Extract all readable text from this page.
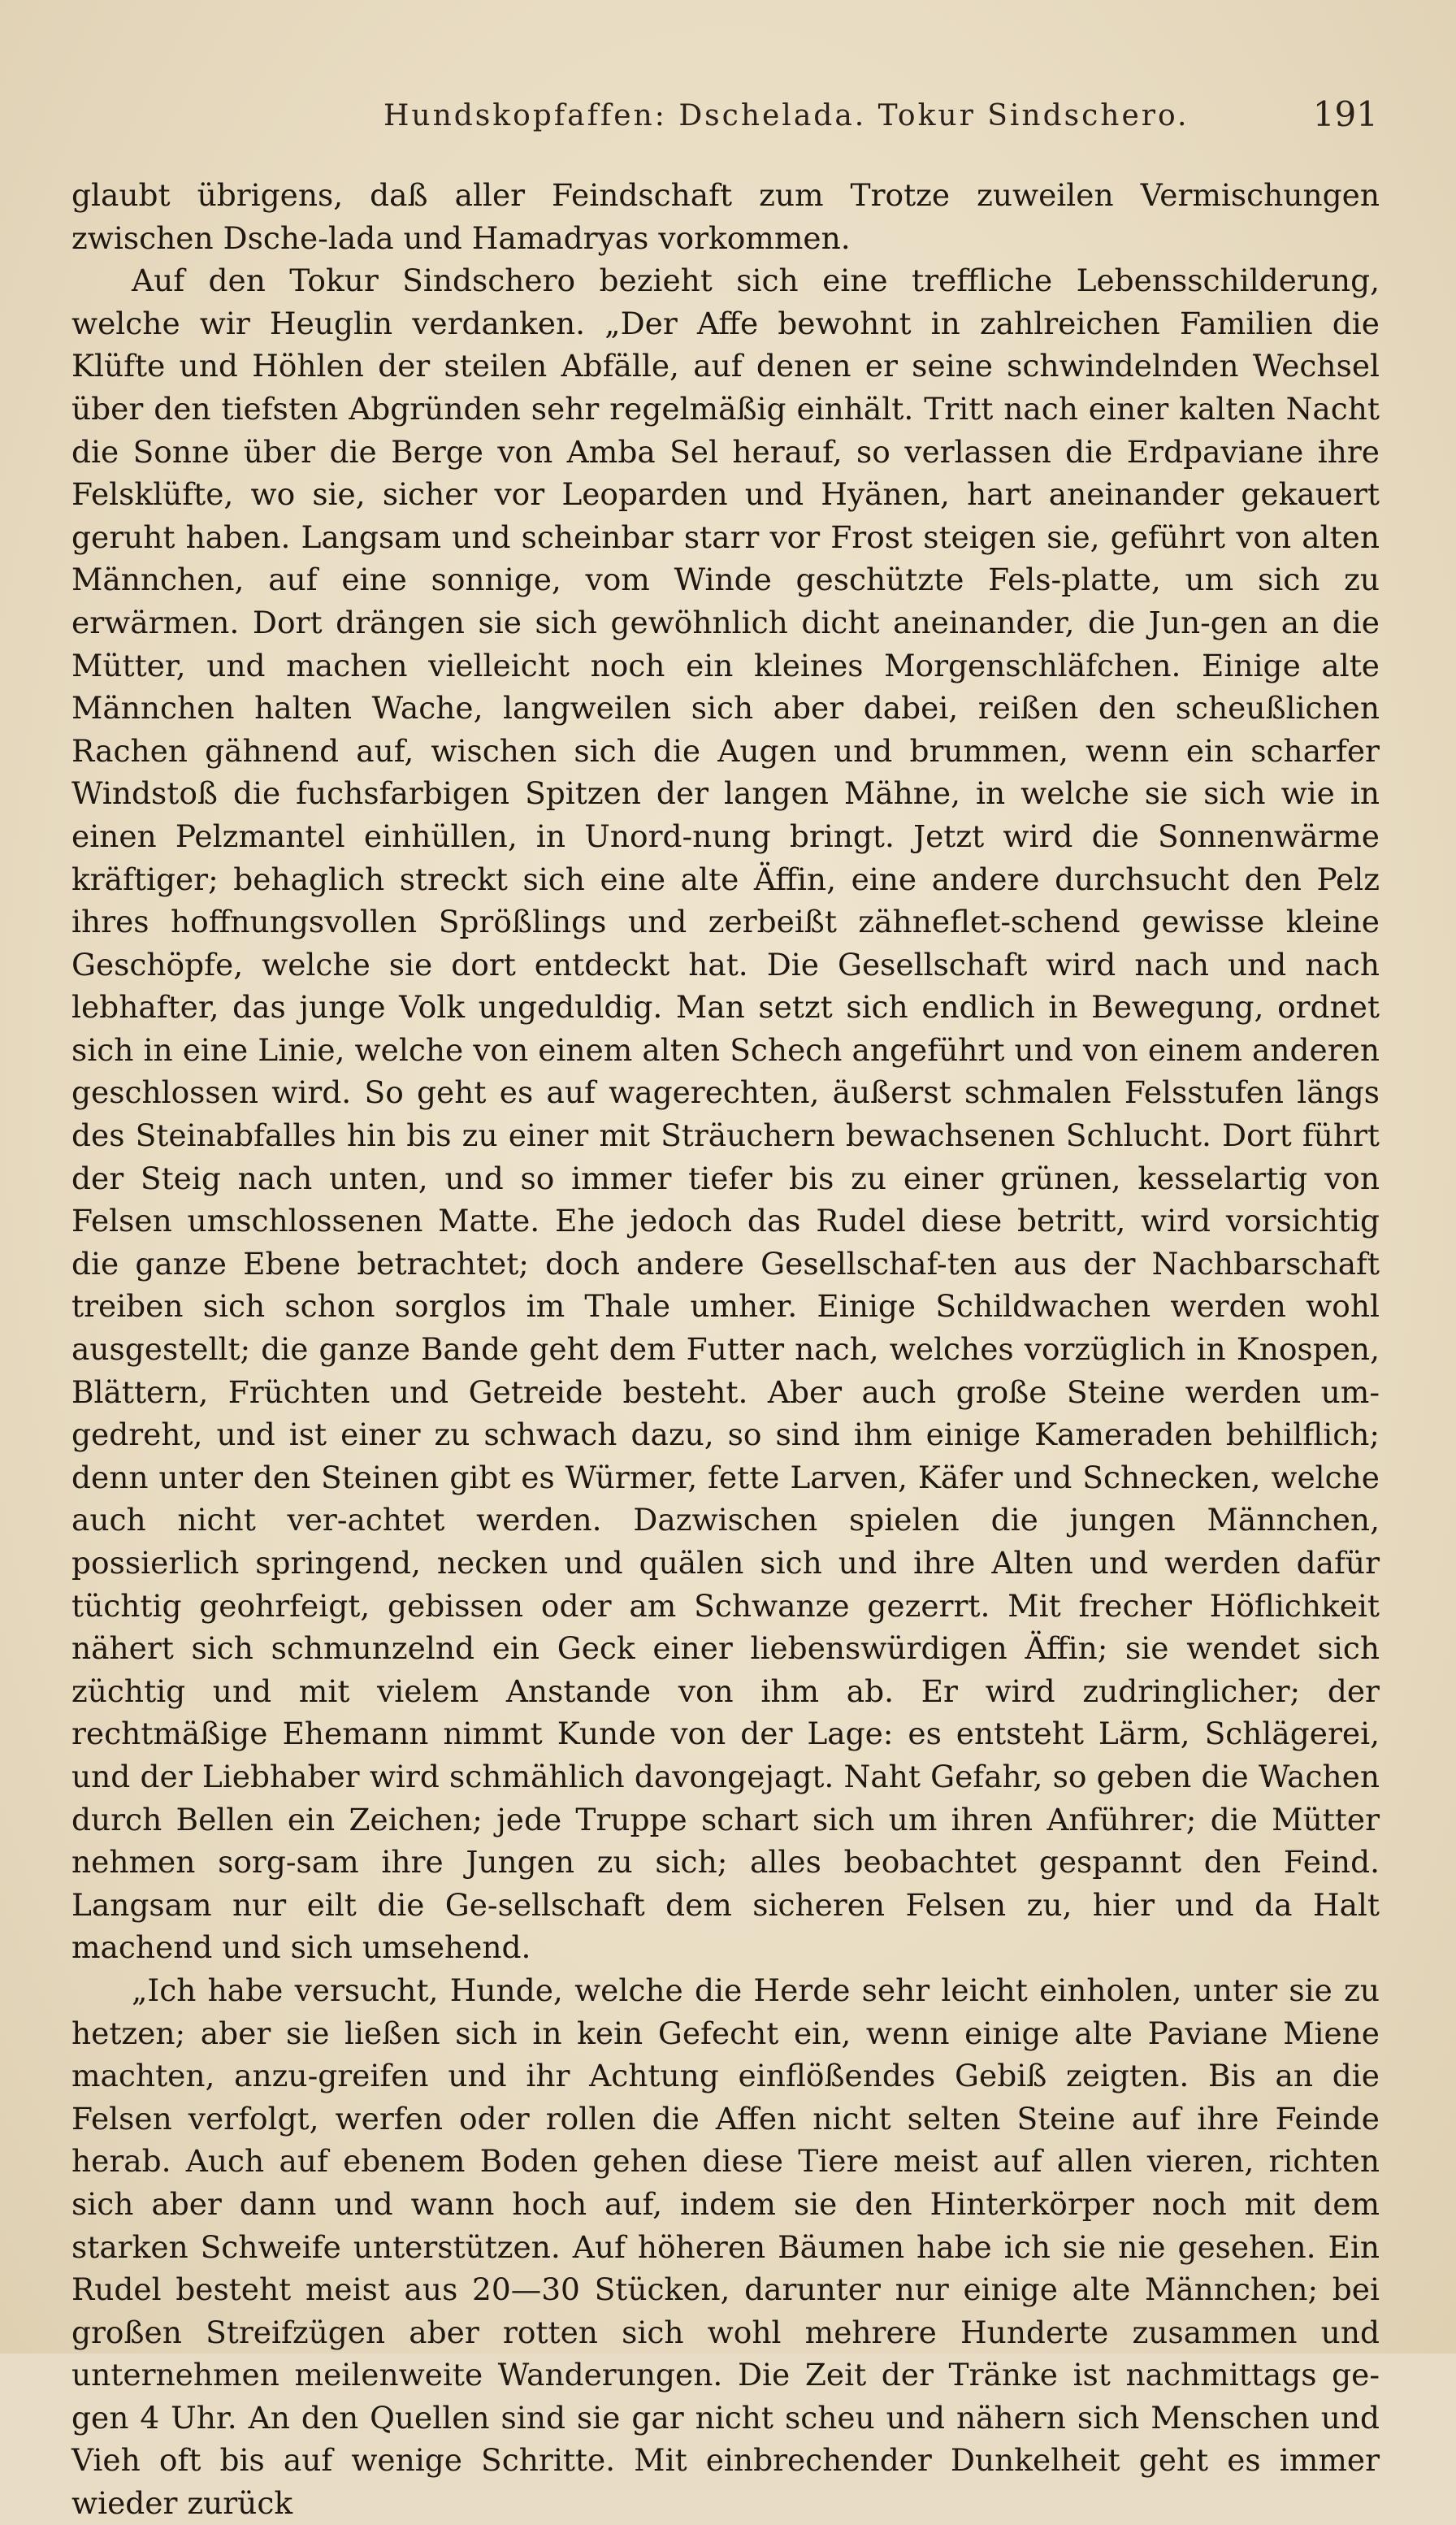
Hundskopfaffen: Dschelada. Tokur Sindschero.	191

glaubt übrigens, daß aller Feindschaft zum Trotze zuweilen Vermischungen zwischen Dsche-lada und Hamadryas vorkommen.

Auf den Tokur Sindschero bezieht sich eine treffliche Lebensschilderung, welche wir Heuglin verdanken. „Der Affe bewohnt in zahlreichen Familien die Klüfte und Höhlen der steilen Abfälle, auf denen er seine schwindelnden Wechsel über den tiefsten Abgründen sehr regelmäßig einhält. Tritt nach einer kalten Nacht die Sonne über die Berge von Amba Sel herauf, so verlassen die Erdpaviane ihre Felsklüfte, wo sie, sicher vor Leoparden und Hyänen, hart aneinander gekauert geruht haben. Langsam und scheinbar starr vor Frost steigen sie, geführt von alten Männchen, auf eine sonnige, vom Winde geschützte Fels-platte, um sich zu erwärmen. Dort drängen sie sich gewöhnlich dicht aneinander, die Jun-gen an die Mütter, und machen vielleicht noch ein kleines Morgenschläfchen. Einige alte Männchen halten Wache, langweilen sich aber dabei, reißen den scheußlichen Rachen gähnend auf, wischen sich die Augen und brummen, wenn ein scharfer Windstoß die fuchsfarbigen Spitzen der langen Mähne, in welche sie sich wie in einen Pelzmantel einhüllen, in Unord-nung bringt. Jetzt wird die Sonnenwärme kräftiger; behaglich streckt sich eine alte Äffin, eine andere durchsucht den Pelz ihres hoffnungsvollen Sprößlings und zerbeißt zähneflet-schend gewisse kleine Geschöpfe, welche sie dort entdeckt hat. Die Gesellschaft wird nach und nach lebhafter, das junge Volk ungeduldig. Man setzt sich endlich in Bewegung, ordnet sich in eine Linie, welche von einem alten Schech angeführt und von einem anderen geschlossen wird. So geht es auf wagerechten, äußerst schmalen Felsstufen längs des Steinabfalles hin bis zu einer mit Sträuchern bewachsenen Schlucht. Dort führt der Steig nach unten, und so immer tiefer bis zu einer grünen, kesselartig von Felsen umschlossenen Matte. Ehe jedoch das Rudel diese betritt, wird vorsichtig die ganze Ebene betrachtet; doch andere Gesellschaf-ten aus der Nachbarschaft treiben sich schon sorglos im Thale umher. Einige Schildwachen werden wohl ausgestellt; die ganze Bande geht dem Futter nach, welches vorzüglich in Knospen, Blättern, Früchten und Getreide besteht. Aber auch große Steine werden um-gedreht, und ist einer zu schwach dazu, so sind ihm einige Kameraden behilflich; denn unter den Steinen gibt es Würmer, fette Larven, Käfer und Schnecken, welche auch nicht ver-achtet werden. Dazwischen spielen die jungen Männchen, possierlich springend, necken und quälen sich und ihre Alten und werden dafür tüchtig geohrfeigt, gebissen oder am Schwanze gezerrt. Mit frecher Höflichkeit nähert sich schmunzelnd ein Geck einer liebenswürdigen Äffin; sie wendet sich züchtig und mit vielem Anstande von ihm ab. Er wird zudringlicher; der rechtmäßige Ehemann nimmt Kunde von der Lage: es entsteht Lärm, Schlägerei, und der Liebhaber wird schmählich davongejagt. Naht Gefahr, so geben die Wachen durch Bellen ein Zeichen; jede Truppe schart sich um ihren Anführer; die Mütter nehmen sorg-sam ihre Jungen zu sich; alles beobachtet gespannt den Feind. Langsam nur eilt die Ge-sellschaft dem sicheren Felsen zu, hier und da Halt machend und sich umsehend.

„Ich habe versucht, Hunde, welche die Herde sehr leicht einholen, unter sie zu hetzen; aber sie ließen sich in kein Gefecht ein, wenn einige alte Paviane Miene machten, anzu-greifen und ihr Achtung einflößendes Gebiß zeigten. Bis an die Felsen verfolgt, werfen oder rollen die Affen nicht selten Steine auf ihre Feinde herab. Auch auf ebenem Boden gehen diese Tiere meist auf allen vieren, richten sich aber dann und wann hoch auf, indem sie den Hinterkörper noch mit dem starken Schweife unterstützen. Auf höheren Bäumen habe ich sie nie gesehen. Ein Rudel besteht meist aus 20—30 Stücken, darunter nur einige alte Männchen; bei großen Streifzügen aber rotten sich wohl mehrere Hunderte zusammen und unternehmen meilenweite Wanderungen. Die Zeit der Tränke ist nachmittags ge-gen 4 Uhr. An den Quellen sind sie gar nicht scheu und nähern sich Menschen und Vieh oft bis auf wenige Schritte. Mit einbrechender Dunkelheit geht es immer wieder zurück
